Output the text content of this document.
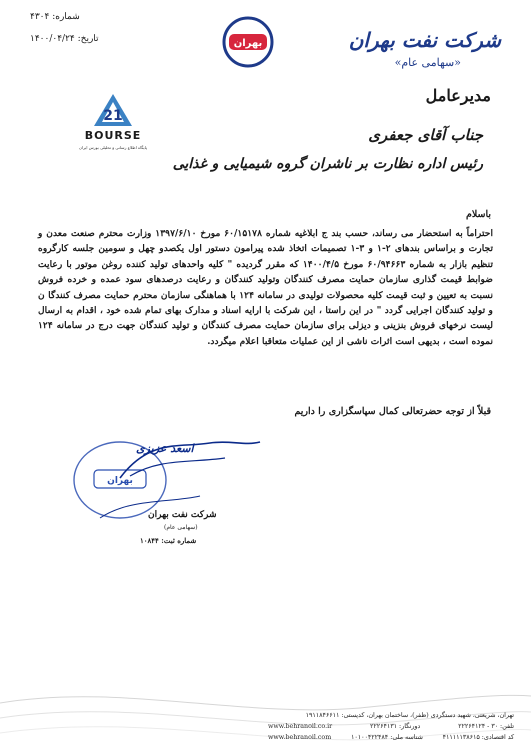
شماره: ۴۳۰۴
تاریخ: ۱۴۰۰/۰۴/۲۴	بهران	شرکت نفت بهران
«سهامی عام»
مدیرعامل
21
BOURSE
پایگاه اطلاع رسانی و تحلیلی بورس ایران
جناب آقای جعفری
رئیس اداره نظارت بر ناشران گروه شیمیایی و غذایی
باسلام
احتراماً به استحضار می رساند، حسب بند ج ابلاغیه شماره ۶۰/۱۵۱۷۸ مورخ ۱۳۹۷/۶/۱۰ وزارت محترم صنعت معدن و تجارت و براساس بندهای ۲-۱ و ۳-۱ تصمیمات اتخاذ شده پیرامون دستور اول یکصدو چهل و سومین جلسه کارگروه تنظیم بازار به شماره ۶۰/۹۴۶۶۳ مورخ ۱۴۰۰/۴/۵ که مقرر گردیده " کلیه واحدهای تولید کننده روغن موتور با رعایت ضوابط قیمت گذاری سازمان حمایت مصرف کنندگان وتولید کنندگان و رعایت درصدهای سود عمده و خرده فروش نسبت به تعیین و ثبت قیمت کلیه محصولات تولیدی در سامانه ۱۲۴ با هماهنگی سازمان محترم حمایت مصرف کنندگا ن و تولید کنندگان اجرایی گردد " در این راستا ، این شرکت با ارایه اسناد و مدارک بهای تمام شده خود ، اقدام به ارسال لیست نرخهای فروش بنزینی و دیزلی برای سازمان حمایت مصرف کنندگان و تولید کنندگان جهت درج در سامانه ۱۲۴ نموده است ، بدیهی است اثرات ناشی از این عملیات متعاقبا اعلام میگردد.
قبلاً از توجه حضرتعالی کمال سپاسگزاری را داریم
بهران
اسعد عزیزی
شرکت نفت بهران
(سهامی عام)
شماره ثبت: ۱۰۸۴۴
تهران، شریعتی، شهید دستگردی (ظفر)، ساختمان بهران، کدپستی: ۱۹۱۱۸۴۶۶۱۱
تلفن: ۳۰ - ۲۲۲۶۴۱۲۴
دورنگار: ۲۲۲۶۴۱۳۱
www.behranoil.co.ir
کد اقتصادی: ۴۱۱۱۱۱۳۸۶۱۵
شناسه ملی: ۱۰۱۰۰۴۲۲۴۸۴
www.behranoil.com
